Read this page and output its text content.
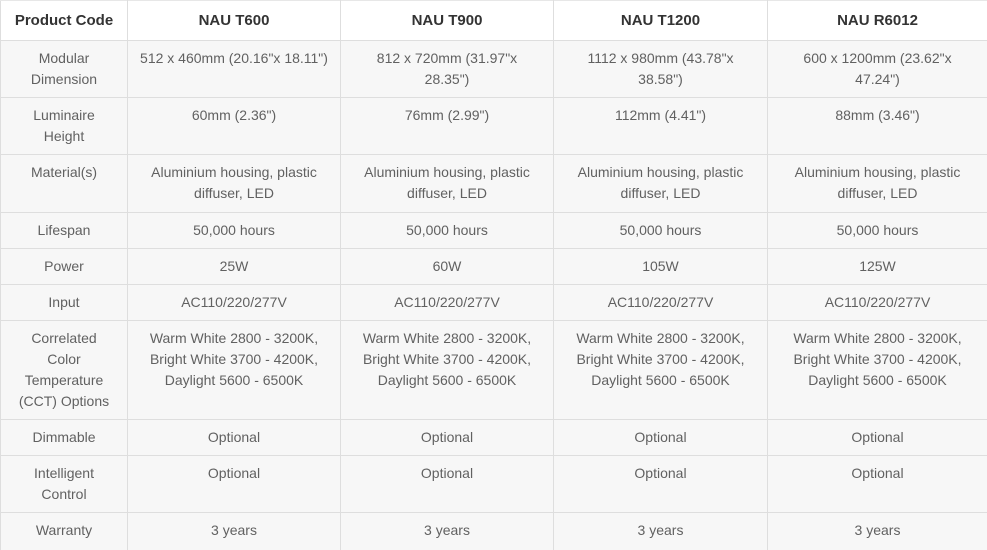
Product Code	NAU T600	NAU T900	NAU T1200	NAU R6012
Modular Dimension	512 x 460mm (20.16"x 18.11")	812 x 720mm (31.97"x 28.35")	1112 x 980mm (43.78"x 38.58")	600 x 1200mm (23.62"x 47.24")
Luminaire Height	60mm (2.36")	76mm (2.99")	112mm (4.41")	88mm (3.46")
Material(s)	Aluminium housing, plastic diffuser, LED	Aluminium housing, plastic diffuser, LED	Aluminium housing, plastic diffuser, LED	Aluminium housing, plastic diffuser, LED
Lifespan	50,000 hours	50,000 hours	50,000 hours	50,000 hours
Power	25W	60W	105W	125W
Input	AC110/220/277V	AC110/220/277V	AC110/220/277V	AC110/220/277V
Correlated Color Temperature (CCT) Options	Warm White 2800 - 3200K, Bright White 3700 - 4200K, Daylight 5600 - 6500K	Warm White 2800 - 3200K, Bright White 3700 - 4200K, Daylight 5600 - 6500K	Warm White 2800 - 3200K, Bright White 3700 - 4200K, Daylight 5600 - 6500K	Warm White 2800 - 3200K, Bright White 3700 - 4200K, Daylight 5600 - 6500K
Dimmable	Optional	Optional	Optional	Optional
Intelligent Control	Optional	Optional	Optional	Optional
Warranty	3 years	3 years	3 years	3 years
